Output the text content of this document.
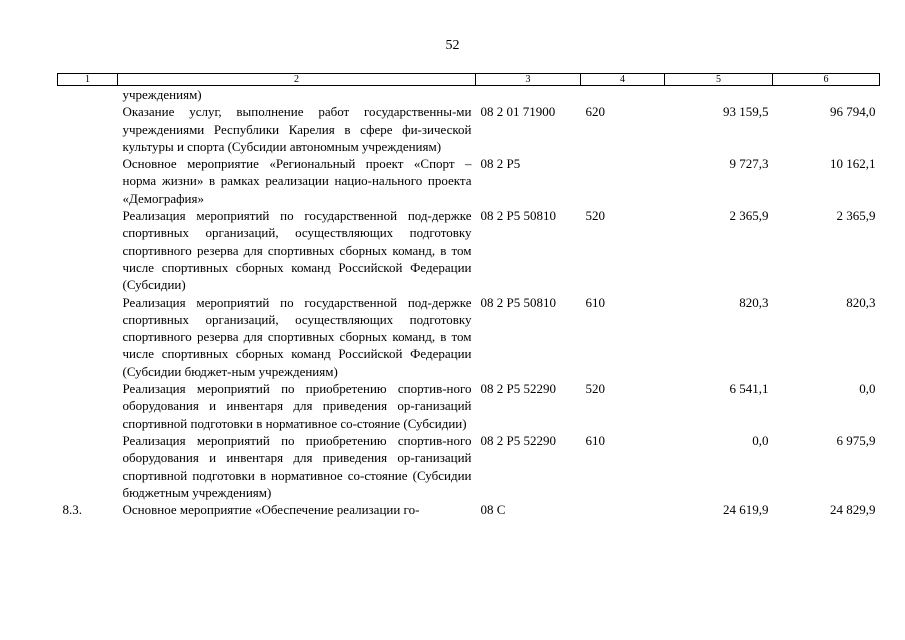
52
1	2	3	4	5	6
	учреждениям)				
	Оказание услуг, выполнение работ государственны-ми учреждениями Республики Карелия в сфере фи-зической культуры и спорта (Субсидии автономным учреждениям)	08 2 01 71900	620	93 159,5	96 794,0
	Основное мероприятие «Региональный проект «Спорт – норма жизни» в рамках реализации нацио-нального проекта «Демография»	08 2 P5		9 727,3	10 162,1
	Реализация мероприятий по государственной под-держке спортивных организаций, осуществляющих подготовку спортивного резерва для спортивных сборных команд, в том числе спортивных сборных команд Российской Федерации (Субсидии)	08 2 P5 50810	520	2 365,9	2 365,9
	Реализация мероприятий по государственной под-держке спортивных организаций, осуществляющих подготовку спортивного резерва для спортивных сборных команд, в том числе спортивных сборных команд Российской Федерации (Субсидии бюджет-ным учреждениям)	08 2 P5 50810	610	820,3	820,3
	Реализация мероприятий по приобретению спортив-ного оборудования и инвентаря для приведения ор-ганизаций спортивной подготовки в нормативное со-стояние (Субсидии)	08 2 P5 52290	520	6 541,1	0,0
	Реализация мероприятий по приобретению спортив-ного оборудования и инвентаря для приведения ор-ганизаций спортивной подготовки в нормативное со-стояние (Субсидии бюджетным учреждениям)	08 2 P5 52290	610	0,0	6 975,9
8.3.	Основное мероприятие «Обеспечение реализации го-	08 C		24 619,9	24 829,9
